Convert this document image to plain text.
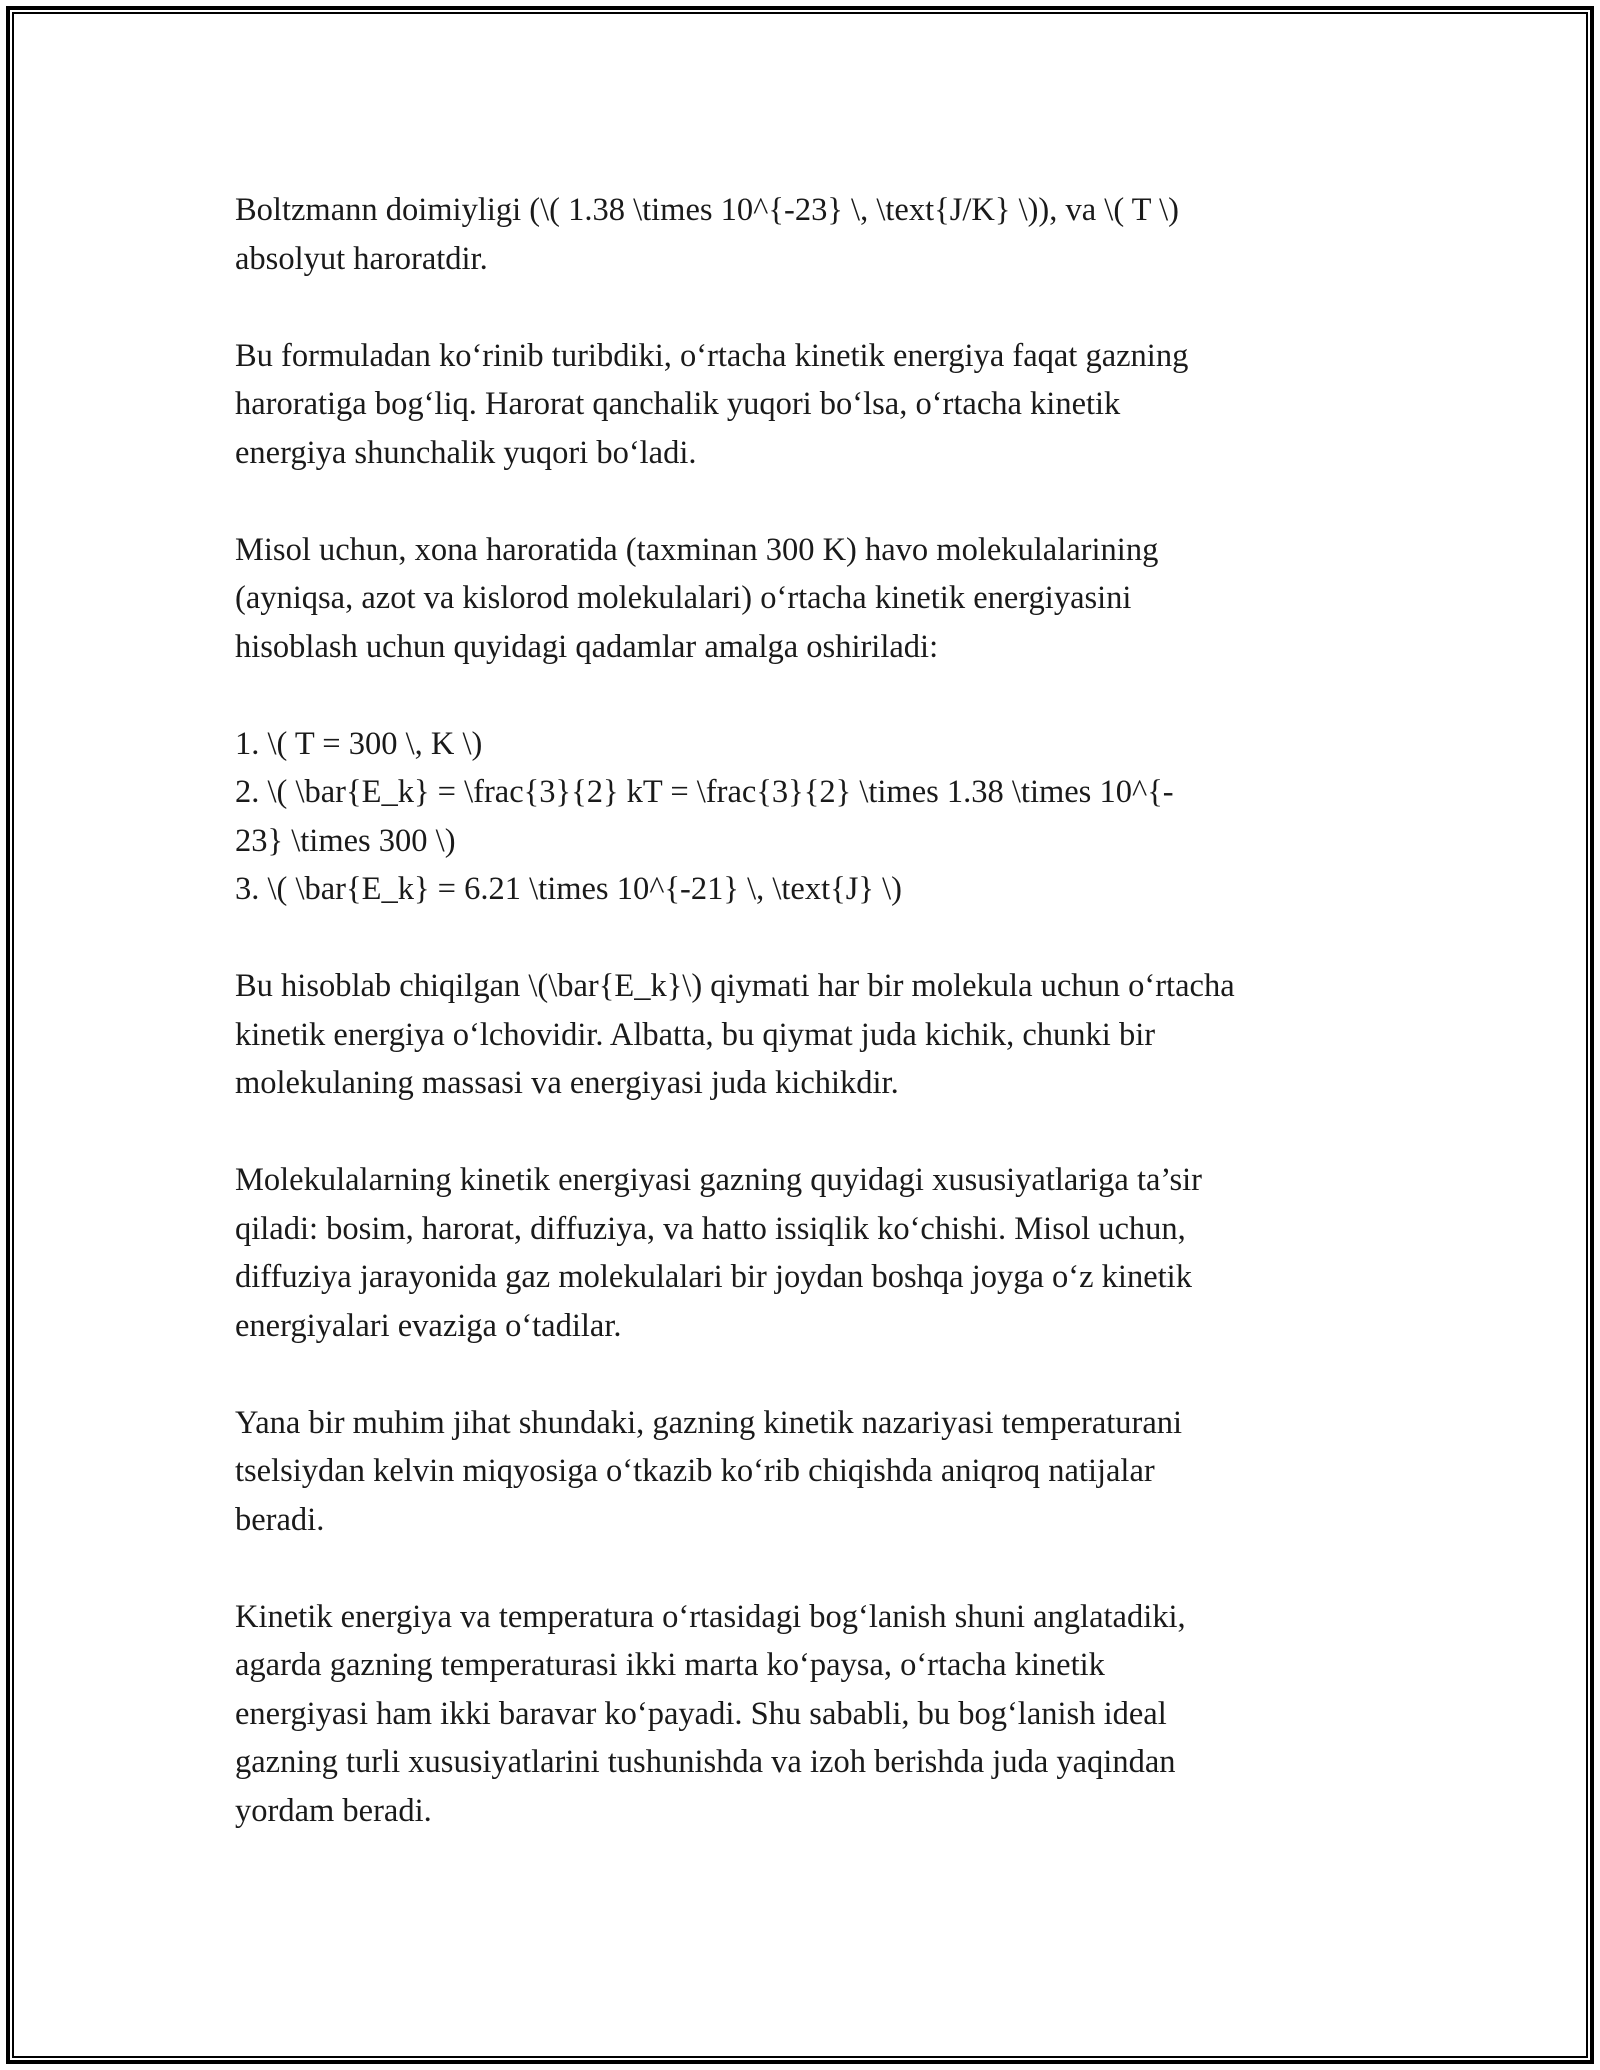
Boltzmann doimiyligi (\( 1.38 \times 10^{-23} \, \text{J/K} \)), va \( T \)
absolyut haroratdir.

Bu formuladan koʻrinib turibdiki, oʻrtacha kinetik energiya faqat gazning
haroratiga bogʻliq. Harorat qanchalik yuqori boʻlsa, oʻrtacha kinetik
energiya shunchalik yuqori boʻladi.

Misol uchun, xona haroratida (taxminan 300 K) havo molekulalarining
(ayniqsa, azot va kislorod molekulalari) oʻrtacha kinetik energiyasini
hisoblash uchun quyidagi qadamlar amalga oshiriladi:

1. \( T = 300 \, K \)
2. \( \bar{E_k} = \frac{3}{2} kT = \frac{3}{2} \times 1.38 \times 10^{-
23} \times 300 \)
3. \( \bar{E_k} = 6.21 \times 10^{-21} \, \text{J} \)

Bu hisoblab chiqilgan \(\bar{E_k}\) qiymati har bir molekula uchun oʻrtacha
kinetik energiya oʻlchovidir. Albatta, bu qiymat juda kichik, chunki bir
molekulaning massasi va energiyasi juda kichikdir.

Molekulalarning kinetik energiyasi gazning quyidagi xususiyatlariga ta’sir
qiladi: bosim, harorat, diffuziya, va hatto issiqlik koʻchishi. Misol uchun,
diffuziya jarayonida gaz molekulalari bir joydan boshqa joyga oʻz kinetik
energiyalari evaziga oʻtadilar.

Yana bir muhim jihat shundaki, gazning kinetik nazariyasi temperaturani
tselsiydan kelvin miqyosiga oʻtkazib koʻrib chiqishda aniqroq natijalar
beradi.

Kinetik energiya va temperatura oʻrtasidagi bogʻlanish shuni anglatadiki,
agarda gazning temperaturasi ikki marta koʻpaysa, oʻrtacha kinetik
energiyasi ham ikki baravar koʻpayadi. Shu sababli, bu bogʻlanish ideal
gazning turli xususiyatlarini tushunishda va izoh berishda juda yaqindan
yordam beradi.
